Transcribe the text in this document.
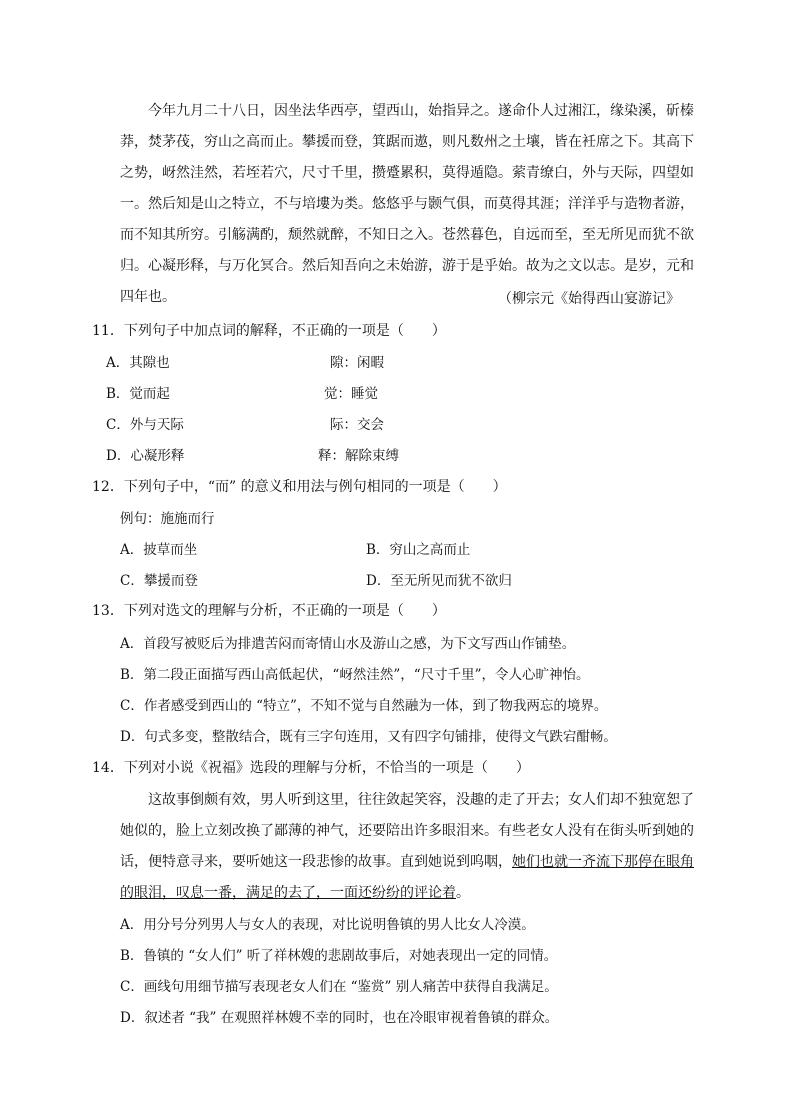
今年九月二十八日，因坐法华西亭，望西山，始指异之。遂命仆人过湘江，缘染溪，斫榛莽，焚茅茷，穷山之高而止。攀援而登，箕踞而遨，则凡数州之土壤，皆在衽席之下。其高下之势，岈然洼然，若垤若穴，尺寸千里，攒蹙累积，莫得遁隐。萦青缭白，外与天际，四望如一。然后知是山之特立，不与培塿为类。悠悠乎与颢气俱，而莫得其涯；洋洋乎与造物者游，而不知其所穷。引觞满酌，颓然就醉，不知日之入。苍然暮色，自远而至，至无所见而犹不欲归。心凝形释，与万化冥合。然后知吾向之未始游，游于是乎始。故为之文以志。是岁，元和四年也。	（柳宗元《始得西山宴游记》
11．下列句子中加点词的解释，不正确的一项是（　　）
A．其隙也	隙：闲暇
B．觉而起	觉：睡觉
C．外与天际	际：交会
D．心凝形释	释：解除束缚
12．下列句子中，“而” 的意义和用法与例句相同的一项是（　　）
例句：施施而行
A．披草而坐	B．穷山之高而止
C．攀援而登	D．至无所见而犹不欲归
13．下列对选文的理解与分析，不正确的一项是（　　）
A．首段写被贬后为排遣苦闷而寄情山水及游山之感，为下文写西山作铺垫。
B．第二段正面描写西山高低起伏，“岈然洼然”，“尺寸千里”，令人心旷神怡。
C．作者感受到西山的 “特立”，不知不觉与自然融为一体，到了物我两忘的境界。
D．句式多变，整散结合，既有三字句连用，又有四字句铺排，使得文气跌宕酣畅。
14．下列对小说《祝福》选段的理解与分析，不恰当的一项是（　　）

这故事倒颇有效，男人听到这里，往往敛起笑容，没趣的走了开去；女人们却不独宽恕了她似的，脸上立刻改换了鄙薄的神气，还要陪出许多眼泪来。有些老女人没有在街头听到她的话，便特意寻来，要听她这一段悲惨的故事。直到她说到呜咽，她们也就一齐流下那停在眼角的眼泪，叹息一番，满足的去了，一面还纷纷的评论着。

A．用分号分列男人与女人的表现，对比说明鲁镇的男人比女人冷漠。
B．鲁镇的 “女人们” 听了祥林嫂的悲剧故事后，对她表现出一定的同情。
C．画线句用细节描写表现老女人们在 “鉴赏” 别人痛苦中获得自我满足。
D．叙述者 “我” 在观照祥林嫂不幸的同时，也在冷眼审视着鲁镇的群众。
